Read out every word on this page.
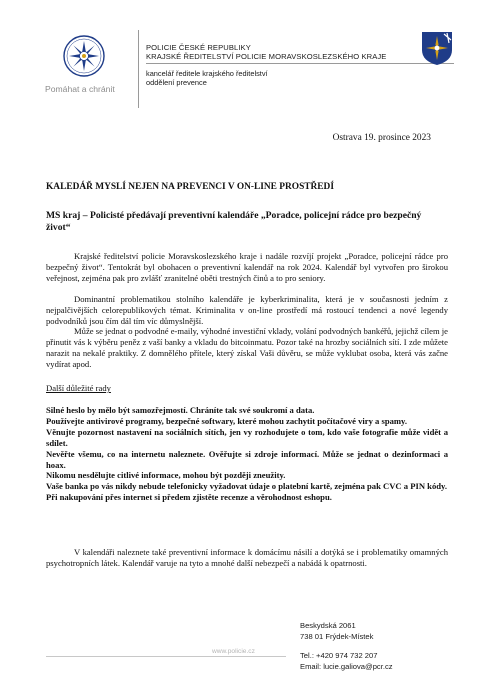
Pomáhat a chránit
POLICIE ČESKÉ REPUBLIKY
KRAJSKÉ ŘEDITELSTVÍ POLICIE MORAVSKOSLEZSKÉHO KRAJE
kancelář ředitele krajského ředitelství
oddělení prevence
Ostrava 19. prosince 2023
KALEDÁŘ MYSLÍ NEJEN NA PREVENCI V ON-LINE PROSTŘEDÍ
MS kraj – Policisté předávají preventivní kalendáře „Poradce, policejní rádce pro bezpečný život“

Krajské ředitelství policie Moravskoslezského kraje i nadále rozvíjí projekt „Poradce, policejní rádce pro bezpečný život“. Tentokrát byl obohacen o preventivní kalendář na rok 2024. Kalendář byl vytvořen pro širokou veřejnost, zejména pak pro zvlášť zranitelné oběti trestných činů a to pro seniory.

Dominantní problematikou stolního kalendáře je kyberkriminalita, která je v současnosti jedním z nejpalčivějších celorepublikových témat. Kriminalita v on-line prostředí má rostoucí tendenci a nové legendy podvodníků jsou čím dál tím víc důmyslnější.

Může se jednat o podvodné e-maily, výhodné investiční vklady, volání podvodných bankéřů, jejichž cílem je přinutit vás k výběru peněz z vaší banky a vkladu do bitcoinmatu. Pozor také na hrozby sociálních sítí. I zde můžete narazit na nekalé praktiky. Z domnělého přítele, který získal Vaši důvěru, se může vyklubat osoba, která vás začne vydírat apod.

Další důležité rady
Silné heslo by mělo být samozřejmostí. Chráníte tak své soukromí a data.
Používejte antivirové programy, bezpečné softwary, které mohou zachytit počítačové viry a spamy.
Věnujte pozornost nastavení na sociálních sítích, jen vy rozhodujete o tom, kdo vaše fotografie může vidět a sdílet.
Nevěřte všemu, co na internetu naleznete. Ověřujte si zdroje informací. Může se jednat o dezinformaci a hoax.
Nikomu nesdělujte citlivé informace, mohou být později zneužity.
Vaše banka po vás nikdy nebude telefonicky vyžadovat údaje o platební kartě, zejména pak CVC a PIN kódy.
Při nakupování přes internet si předem zjistěte recenze a věrohodnost eshopu.

V kalendáři naleznete také preventivní informace k domácímu násilí a dotýká se i problematiky omamných psychotropních látek. Kalendář varuje na tyto a mnohé další nebezpečí a nabádá k opatrnosti.

www.policie.cz
Beskydská 2061
738 01 Frýdek-Místek
Tel.: +420 974 732 207
Email: lucie.galiova@pcr.cz
